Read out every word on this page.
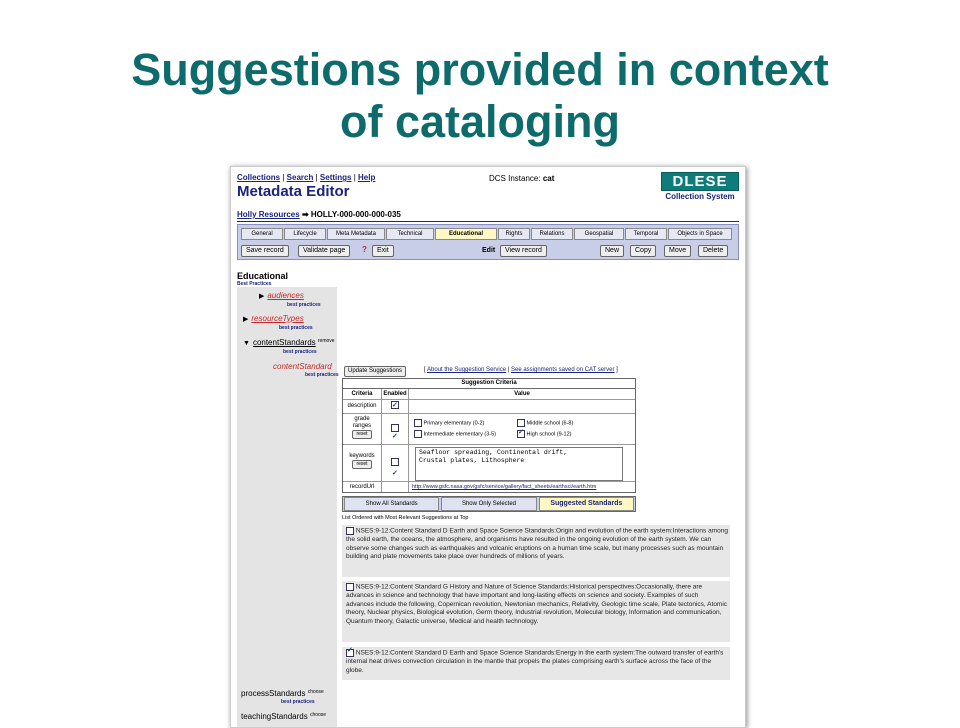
Suggestions provided in context
of cataloging
Collections | Search | Settings | Help
Metadata Editor
DCS Instance: cat	DLESE
Collection System
Holly Resources ➡ HOLLY-000-000-000-035
General	Lifecycle	Meta Metadata	Technical	Educational	Rights	Relations	Geospatial	Temporal	Objects in Space
Save record	Validate page	?	Exit	Edit	View record	New	Copy	Move	Delete
Educational
Best Practices
▶ audiences
best practices
▶ resourceTypes
best practices
▼ contentStandards $^{remove}$
best practices
contentStandard
best practices
Update Suggestions	[ About the Suggestion Service | See assignments saved on CAT server ]
Suggestion Criteria
Criteria	Enabled	Value
description
✓
grade
ranges
reset
✓
Primary elementary (0-2)	Middle school (6-8)
Intermediate elementary (3-5)
✓	High school (9-12)
keywords
reset
✓
Seafloor spreading, Continental drift,
Crustal plates, Lithosphere
recordUrl	http://www.gsfc.nasa.gov/gsfc/service/gallery/fact_sheets/earthsci/earth.htm
Show All Standards	Show Only Selected	Suggested Standards
List Ordered with Most Relevant Suggestions at Top
NSES:9-12:Content Standard D Earth and Space Science Standards:Origin and evolution of the earth system:Interactions among the solid earth, the oceans, the atmosphere, and organisms have resulted in the ongoing evolution of the earth system. We can observe some changes such as earthquakes and volcanic eruptions on a human time scale, but many processes such as mountain building and plate movements take place over hundreds of millions of years.
NSES:9-12:Content Standard G History and Nature of Science Standards:Historical perspectives:Occasionally, there are advances in science and technology that have important and long-lasting effects on science and society. Examples of such advances include the following, Copernican revolution, Newtonian mechanics, Relativity, Geologic time scale, Plate tectonics, Atomic theory, Nuclear physics, Biological evolution, Germ theory, Industrial revolution, Molecular biology, Information and communication, Quantum theory, Galactic universe, Medical and health technology.
✓ NSES:9-12:Content Standard D Earth and Space Science Standards:Energy in the earth system:The outward transfer of earth's internal heat drives convection circulation in the mantle that propels the plates comprising earth's surface across the face of the globe.
processStandards $^{choose}$
best practices
teachingStandards $^{choose}$
